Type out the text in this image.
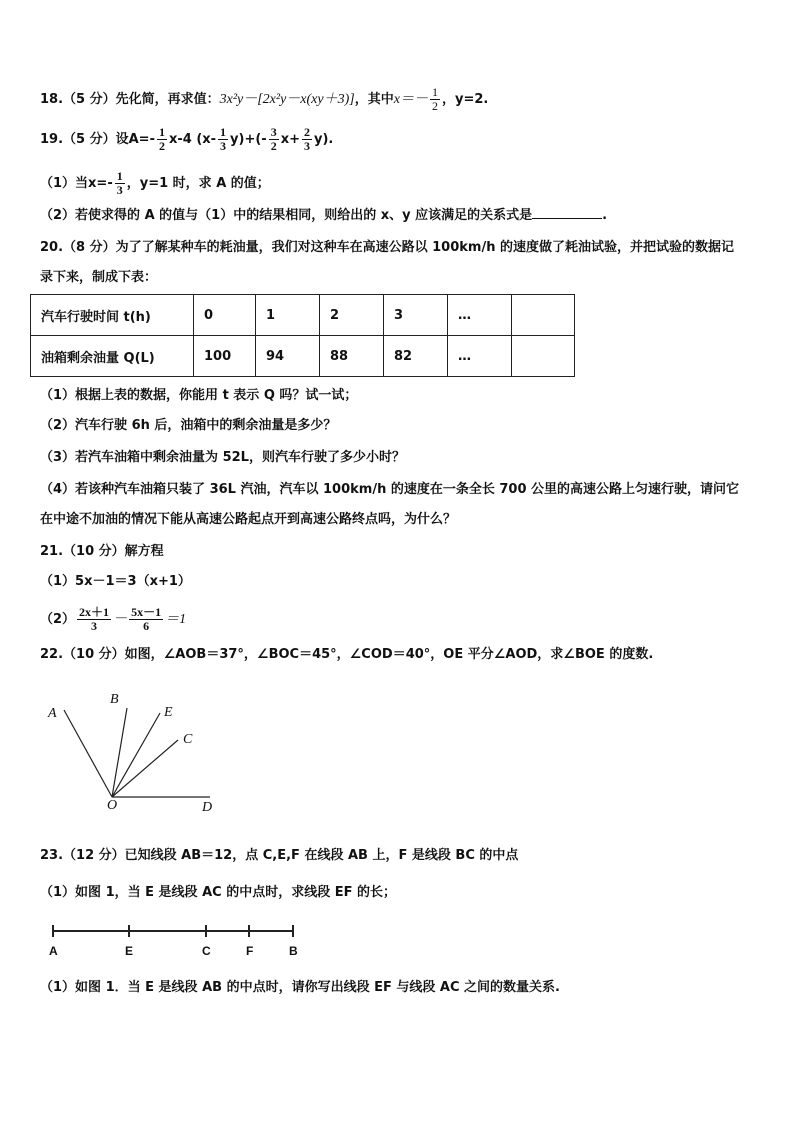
18.（5 分）先化简，再求值：3x²y－[2x²y－x(xy＋3)]，其中$x=- \frac{1}{2}$ ，y=2.
19.（5 分）设$A=- \frac{1}{2} x-4$ $(x- \frac{1}{3} y)+(- \frac{3}{2} x+ \frac{2}{3} y)$.
（1）当$x=- \frac{1}{3}$ ，y=1 时，求 A 的值；
（2）若使求得的 A 的值与（1）中的结果相同，则给出的 x、y 应该满足的关系式是	.
20.（8 分）为了了解某种车的耗油量，我们对这种车在高速公路以 100km/h 的速度做了耗油试验，并把试验的数据记
录下来，制成下表：
汽车行驶时间 t(h)	0	1	2	3	…	
油箱剩余油量 Q(L)	100	94	88	82	…	
（1）根据上表的数据，你能用 t 表示 Q 吗？试一试；
（2）汽车行驶 6h 后，油箱中的剩余油量是多少？
（3）若汽车油箱中剩余油量为 52L，则汽车行驶了多少小时？
（4）若该种汽车油箱只装了 36L 汽油，汽车以 100km/h 的速度在一条全长 700 公里的高速公路上匀速行驶，请问它
在中途不加油的情况下能从高速公路起点开到高速公路终点吗，为什么？
21.（10 分）解方程
（1）5x－1＝3（x+1）
$(2) \frac{2x+1}{3} - \frac{5x-1}{6} =1$
22.（10 分）如图，∠AOB＝37°，∠BOC＝45°，∠COD＝40°，OE 平分∠AOD，求∠BOE 的度数.
A
B
E
C
O	D
23.（12 分）已知线段 AB＝12，点 C,E,F 在线段 AB 上，F 是线段 BC 的中点
（1）如图 1，当 E 是线段 AC 的中点时，求线段 EF 的长；
A	E	C	F	B
（1）如图 1．当 E 是线段 AB 的中点时，请你写出线段 EF 与线段 AC 之间的数量关系.
